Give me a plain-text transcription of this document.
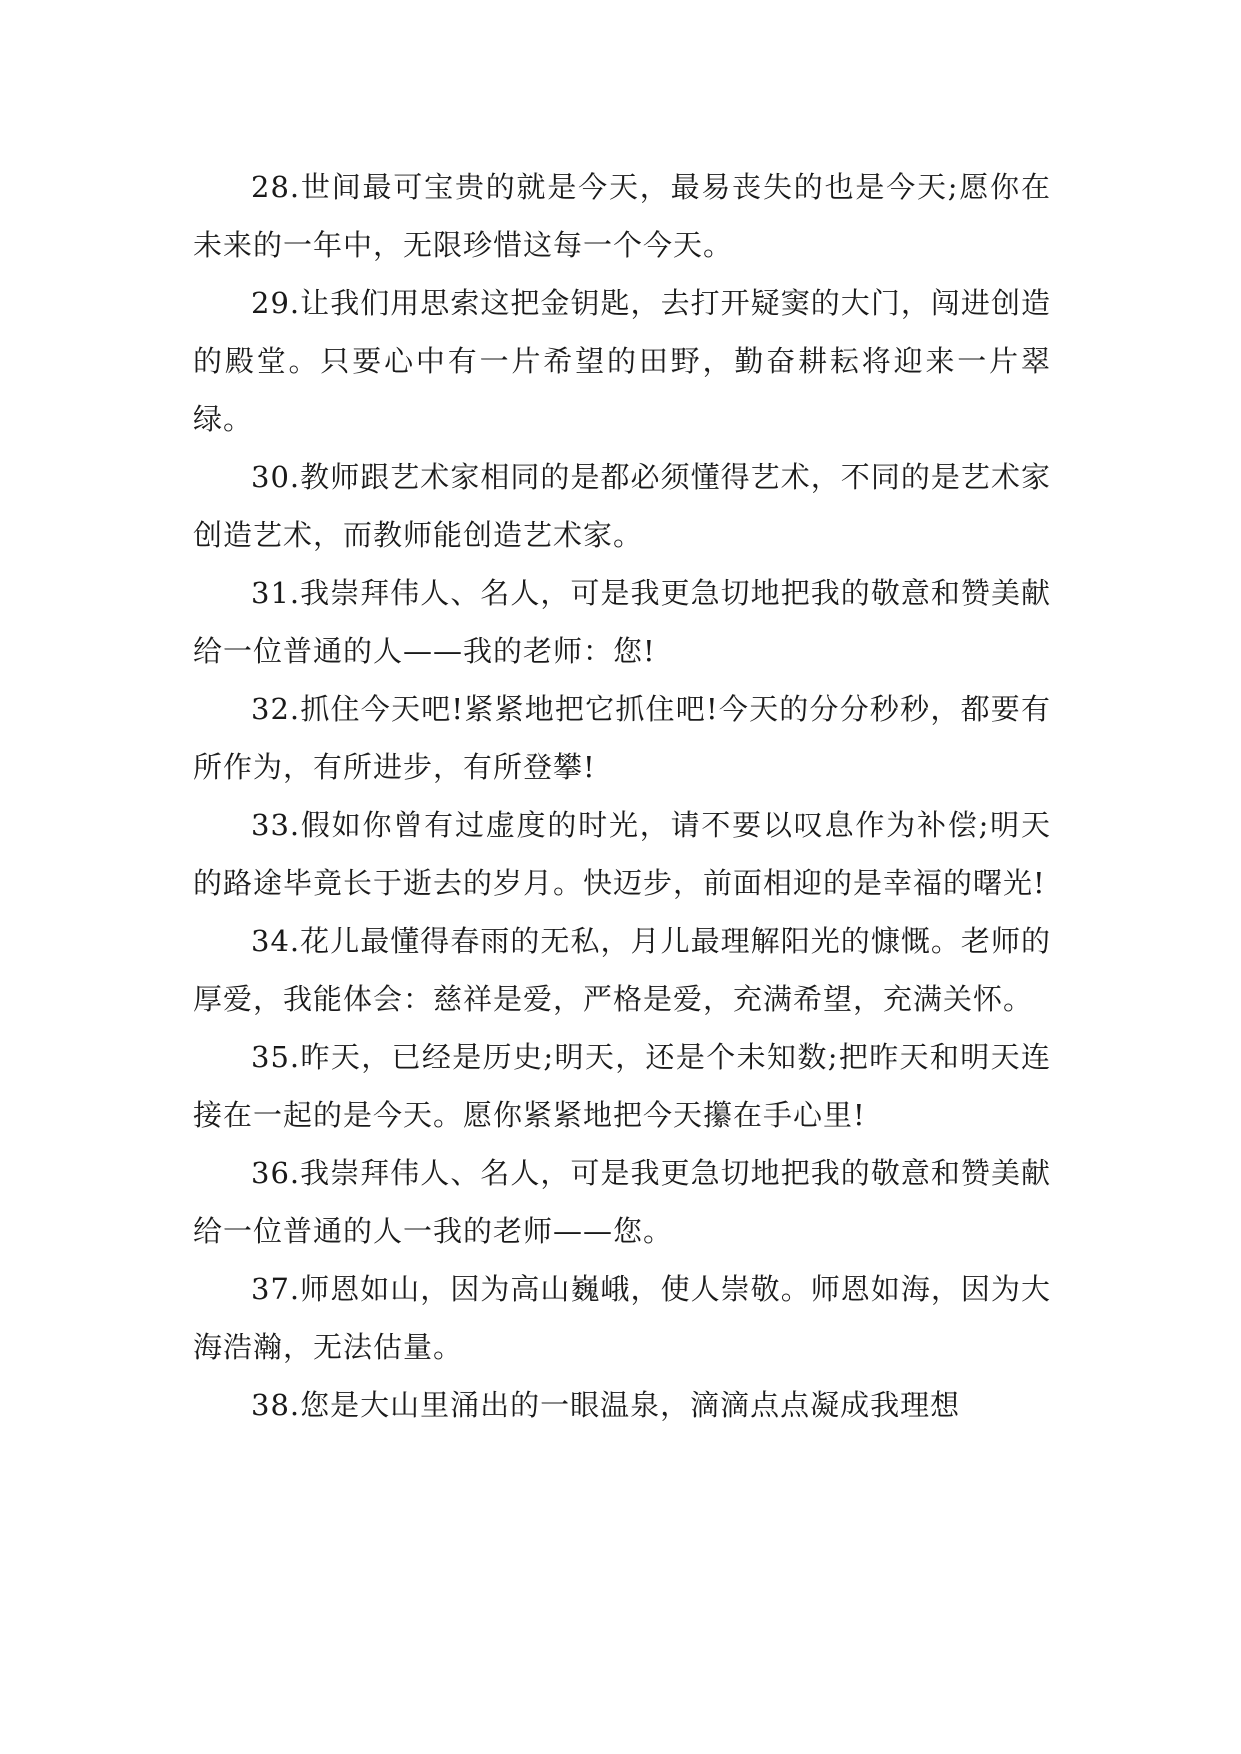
28.世间最可宝贵的就是今天，最易丧失的也是今天;愿你在未来的一年中，无限珍惜这每一个今天。

29.让我们用思索这把金钥匙，去打开疑窦的大门，闯进创造的殿堂。只要心中有一片希望的田野，勤奋耕耘将迎来一片翠绿。

30.教师跟艺术家相同的是都必须懂得艺术，不同的是艺术家创造艺术，而教师能创造艺术家。

31.我崇拜伟人、名人，可是我更急切地把我的敬意和赞美献给一位普通的人——我的老师：您!

32.抓住今天吧!紧紧地把它抓住吧!今天的分分秒秒，都要有所作为，有所进步，有所登攀!

33.假如你曾有过虚度的时光，请不要以叹息作为补偿;明天的路途毕竟长于逝去的岁月。快迈步，前面相迎的是幸福的曙光!

34.花儿最懂得春雨的无私，月儿最理解阳光的慷慨。老师的厚爱，我能体会：慈祥是爱，严格是爱，充满希望，充满关怀。

35.昨天，已经是历史;明天，还是个未知数;把昨天和明天连接在一起的是今天。愿你紧紧地把今天攥在手心里!

36.我崇拜伟人、名人，可是我更急切地把我的敬意和赞美献给一位普通的人一我的老师——您。

37.师恩如山，因为高山巍峨，使人崇敬。师恩如海，因为大海浩瀚，无法估量。

38.您是大山里涌出的一眼温泉，滴滴点点凝成我理想
